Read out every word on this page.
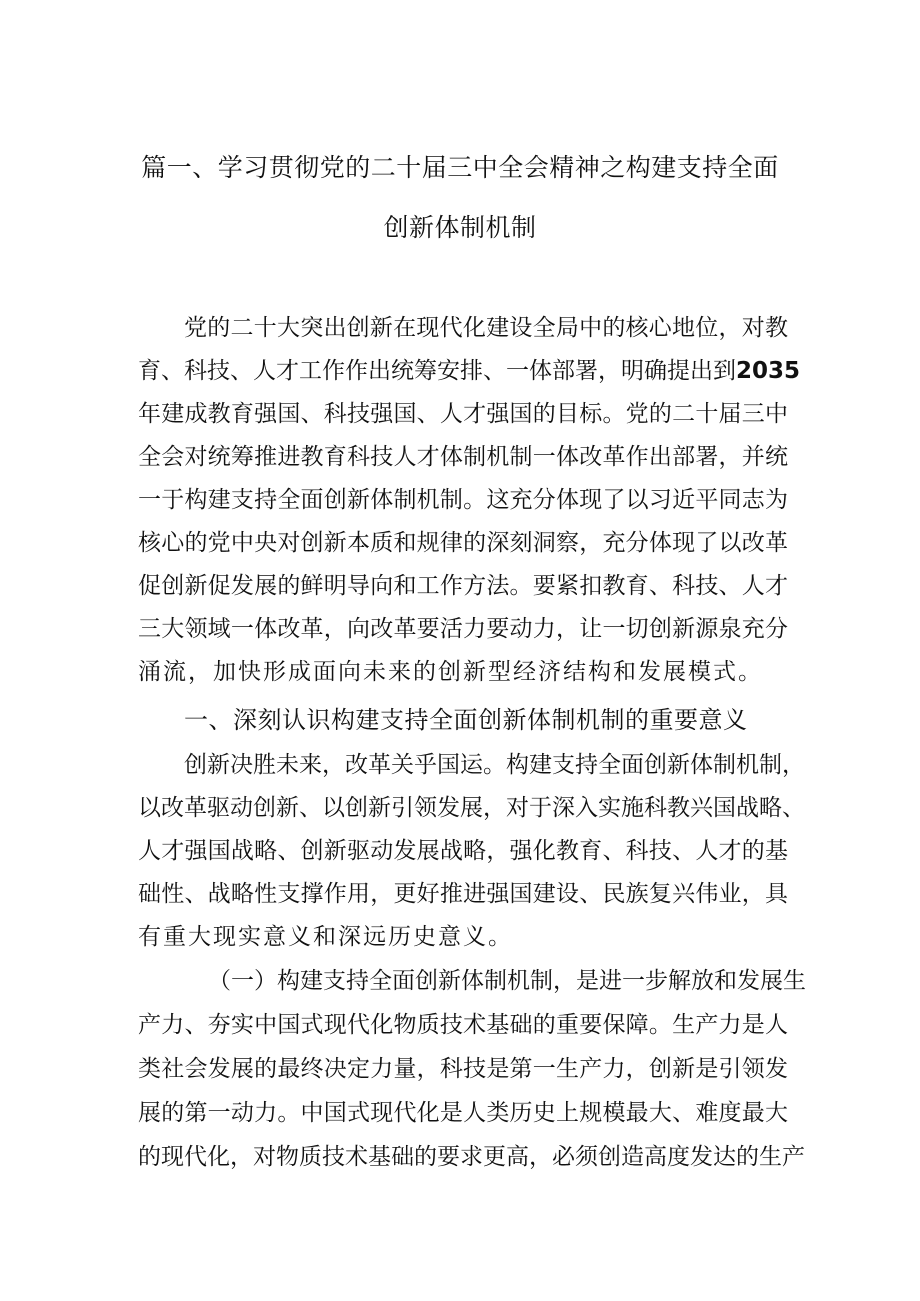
篇一、学习贯彻党的二十届三中全会精神之构建支持全面
创新体制机制
党的二十大突出创新在现代化建设全局中的核心地位，对教
育、科技、人才工作作出统筹安排、一体部署，明确提出到2035
年建成教育强国、科技强国、人才强国的目标。党的二十届三中
全会对统筹推进教育科技人才体制机制一体改革作出部署，并统
一于构建支持全面创新体制机制。这充分体现了以习近平同志为
核心的党中央对创新本质和规律的深刻洞察，充分体现了以改革
促创新促发展的鲜明导向和工作方法。要紧扣教育、科技、人才
三大领域一体改革，向改革要活力要动力，让一切创新源泉充分
涌流，加快形成面向未来的创新型经济结构和发展模式。
一、深刻认识构建支持全面创新体制机制的重要意义
创新决胜未来，改革关乎国运。构建支持全面创新体制机制，
以改革驱动创新、以创新引领发展，对于深入实施科教兴国战略、
人才强国战略、创新驱动发展战略，强化教育、科技、人才的基
础性、战略性支撑作用，更好推进强国建设、民族复兴伟业，具
有重大现实意义和深远历史意义。
（一）构建支持全面创新体制机制，是进一步解放和发展生
产力、夯实中国式现代化物质技术基础的重要保障。生产力是人
类社会发展的最终决定力量，科技是第一生产力，创新是引领发
展的第一动力。中国式现代化是人类历史上规模最大、难度最大
的现代化，对物质技术基础的要求更高，必须创造高度发达的生产
